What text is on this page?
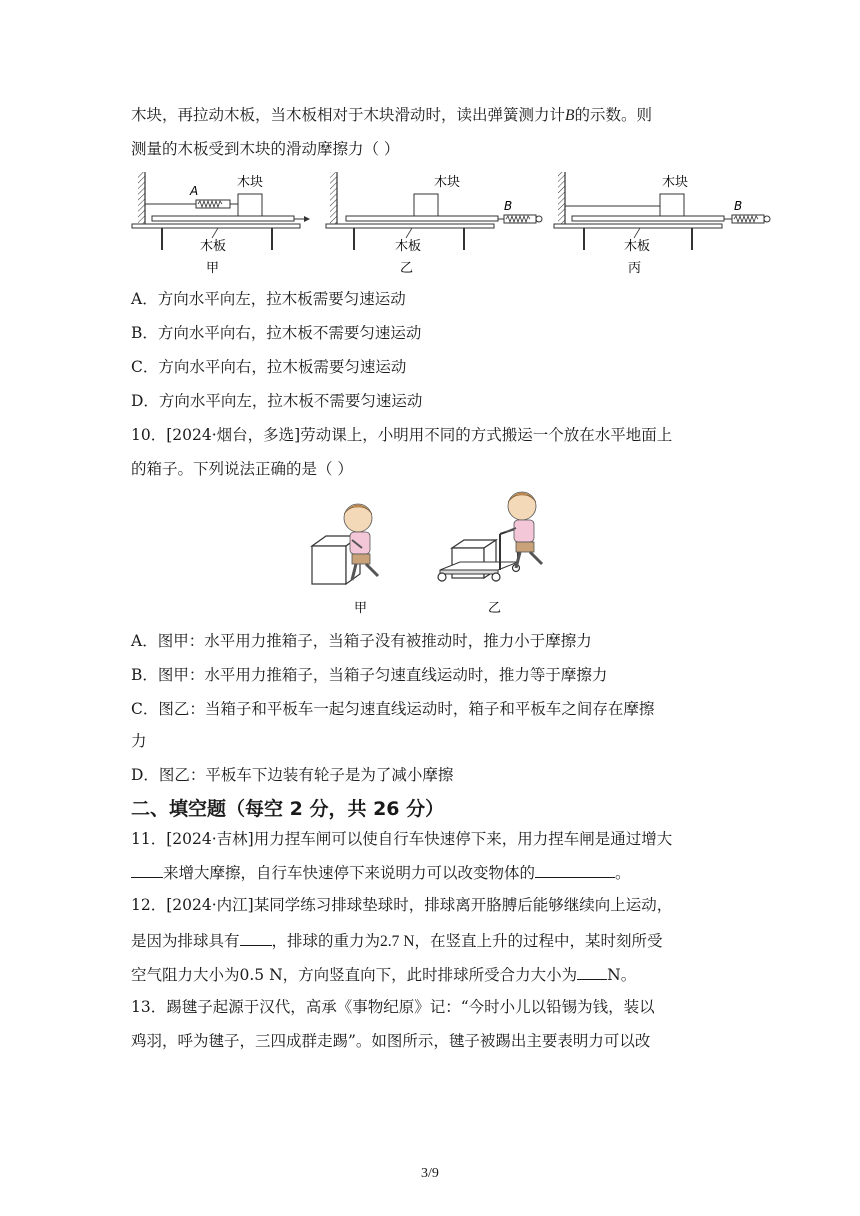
木块，再拉动木板，当木板相对于木块滑动时，读出弹簧测力计B的示数。则
测量的木板受到木块的滑动摩擦力（ ）
A
木块
木板
甲
木块
B
木板
乙
木块
B
木板
丙
A．方向水平向左，拉木板需要匀速运动
B．方向水平向右，拉木板不需要匀速运动
C．方向水平向右，拉木板需要匀速运动
D．方向水平向左，拉木板不需要匀速运动
10．[2024·烟台，多选]劳动课上，小明用不同的方式搬运一个放在水平地面上
的箱子。下列说法正确的是（ ）
甲	乙
A．图甲：水平用力推箱子，当箱子没有被推动时，推力小于摩擦力
B．图甲：水平用力推箱子，当箱子匀速直线运动时，推力等于摩擦力
C．图乙：当箱子和平板车一起匀速直线运动时，箱子和平板车之间存在摩擦
力
D．图乙：平板车下边装有轮子是为了减小摩擦
二、填空题（每空 2 分，共 26 分）
11．[2024·吉林]用力捏车闸可以使自行车快速停下来，用力捏车闸是通过增大
来增大摩擦，自行车快速停下来说明力可以改变物体的	。
12．[2024·内江]某同学练习排球垫球时，排球离开胳膊后能够继续向上运动，
是因为排球具有 ，排球的重力为2.7 N，在竖直上升的过程中，某时刻所受
空气阻力大小为0.5 N，方向竖直向下，此时排球所受合力大小为 N。
13．踢毽子起源于汉代，高承《事物纪原》记：“今时小儿以铅锡为钱，装以
鸡羽，呼为毽子，三四成群走踢”。如图所示，毽子被踢出主要表明力可以改
3/9
